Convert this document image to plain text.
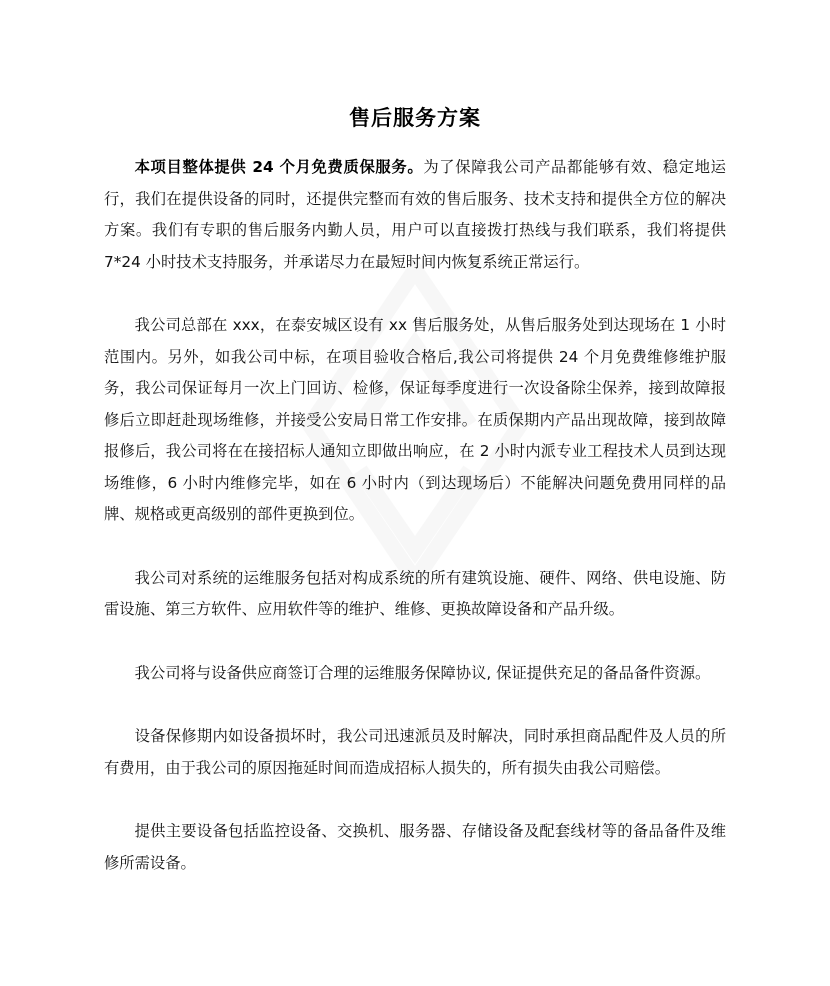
售后服务方案

本项目整体提供 24 个月免费质保服务。为了保障我公司产品都能够有效、稳定地运行，我们在提供设备的同时，还提供完整而有效的售后服务、技术支持和提供全方位的解决方案。我们有专职的售后服务内勤人员，用户可以直接拨打热线与我们联系，我们将提供 7*24 小时技术支持服务，并承诺尽力在最短时间内恢复系统正常运行。

我公司总部在 xxx，在泰安城区设有 xx 售后服务处，从售后服务处到达现场在 1 小时范围内。另外，如我公司中标，在项目验收合格后,我公司将提供 24 个月免费维修维护服务，我公司保证每月一次上门回访、检修，保证每季度进行一次设备除尘保养，接到故障报修后立即赶赴现场维修，并接受公安局日常工作安排。在质保期内产品出现故障，接到故障报修后，我公司将在在接招标人通知立即做出响应，在 2 小时内派专业工程技术人员到达现场维修，6 小时内维修完毕，如在 6 小时内（到达现场后）不能解决问题免费用同样的品牌、规格或更高级别的部件更换到位。

我公司对系统的运维服务包括对构成系统的所有建筑设施、硬件、网络、供电设施、防雷设施、第三方软件、应用软件等的维护、维修、更换故障设备和产品升级。

我公司将与设备供应商签订合理的运维服务保障协议, 保证提供充足的备品备件资源。

设备保修期内如设备损坏时，我公司迅速派员及时解决，同时承担商品配件及人员的所有费用，由于我公司的原因拖延时间而造成招标人损失的，所有损失由我公司赔偿。

提供主要设备包括监控设备、交换机、服务器、存储设备及配套线材等的备品备件及维修所需设备。
